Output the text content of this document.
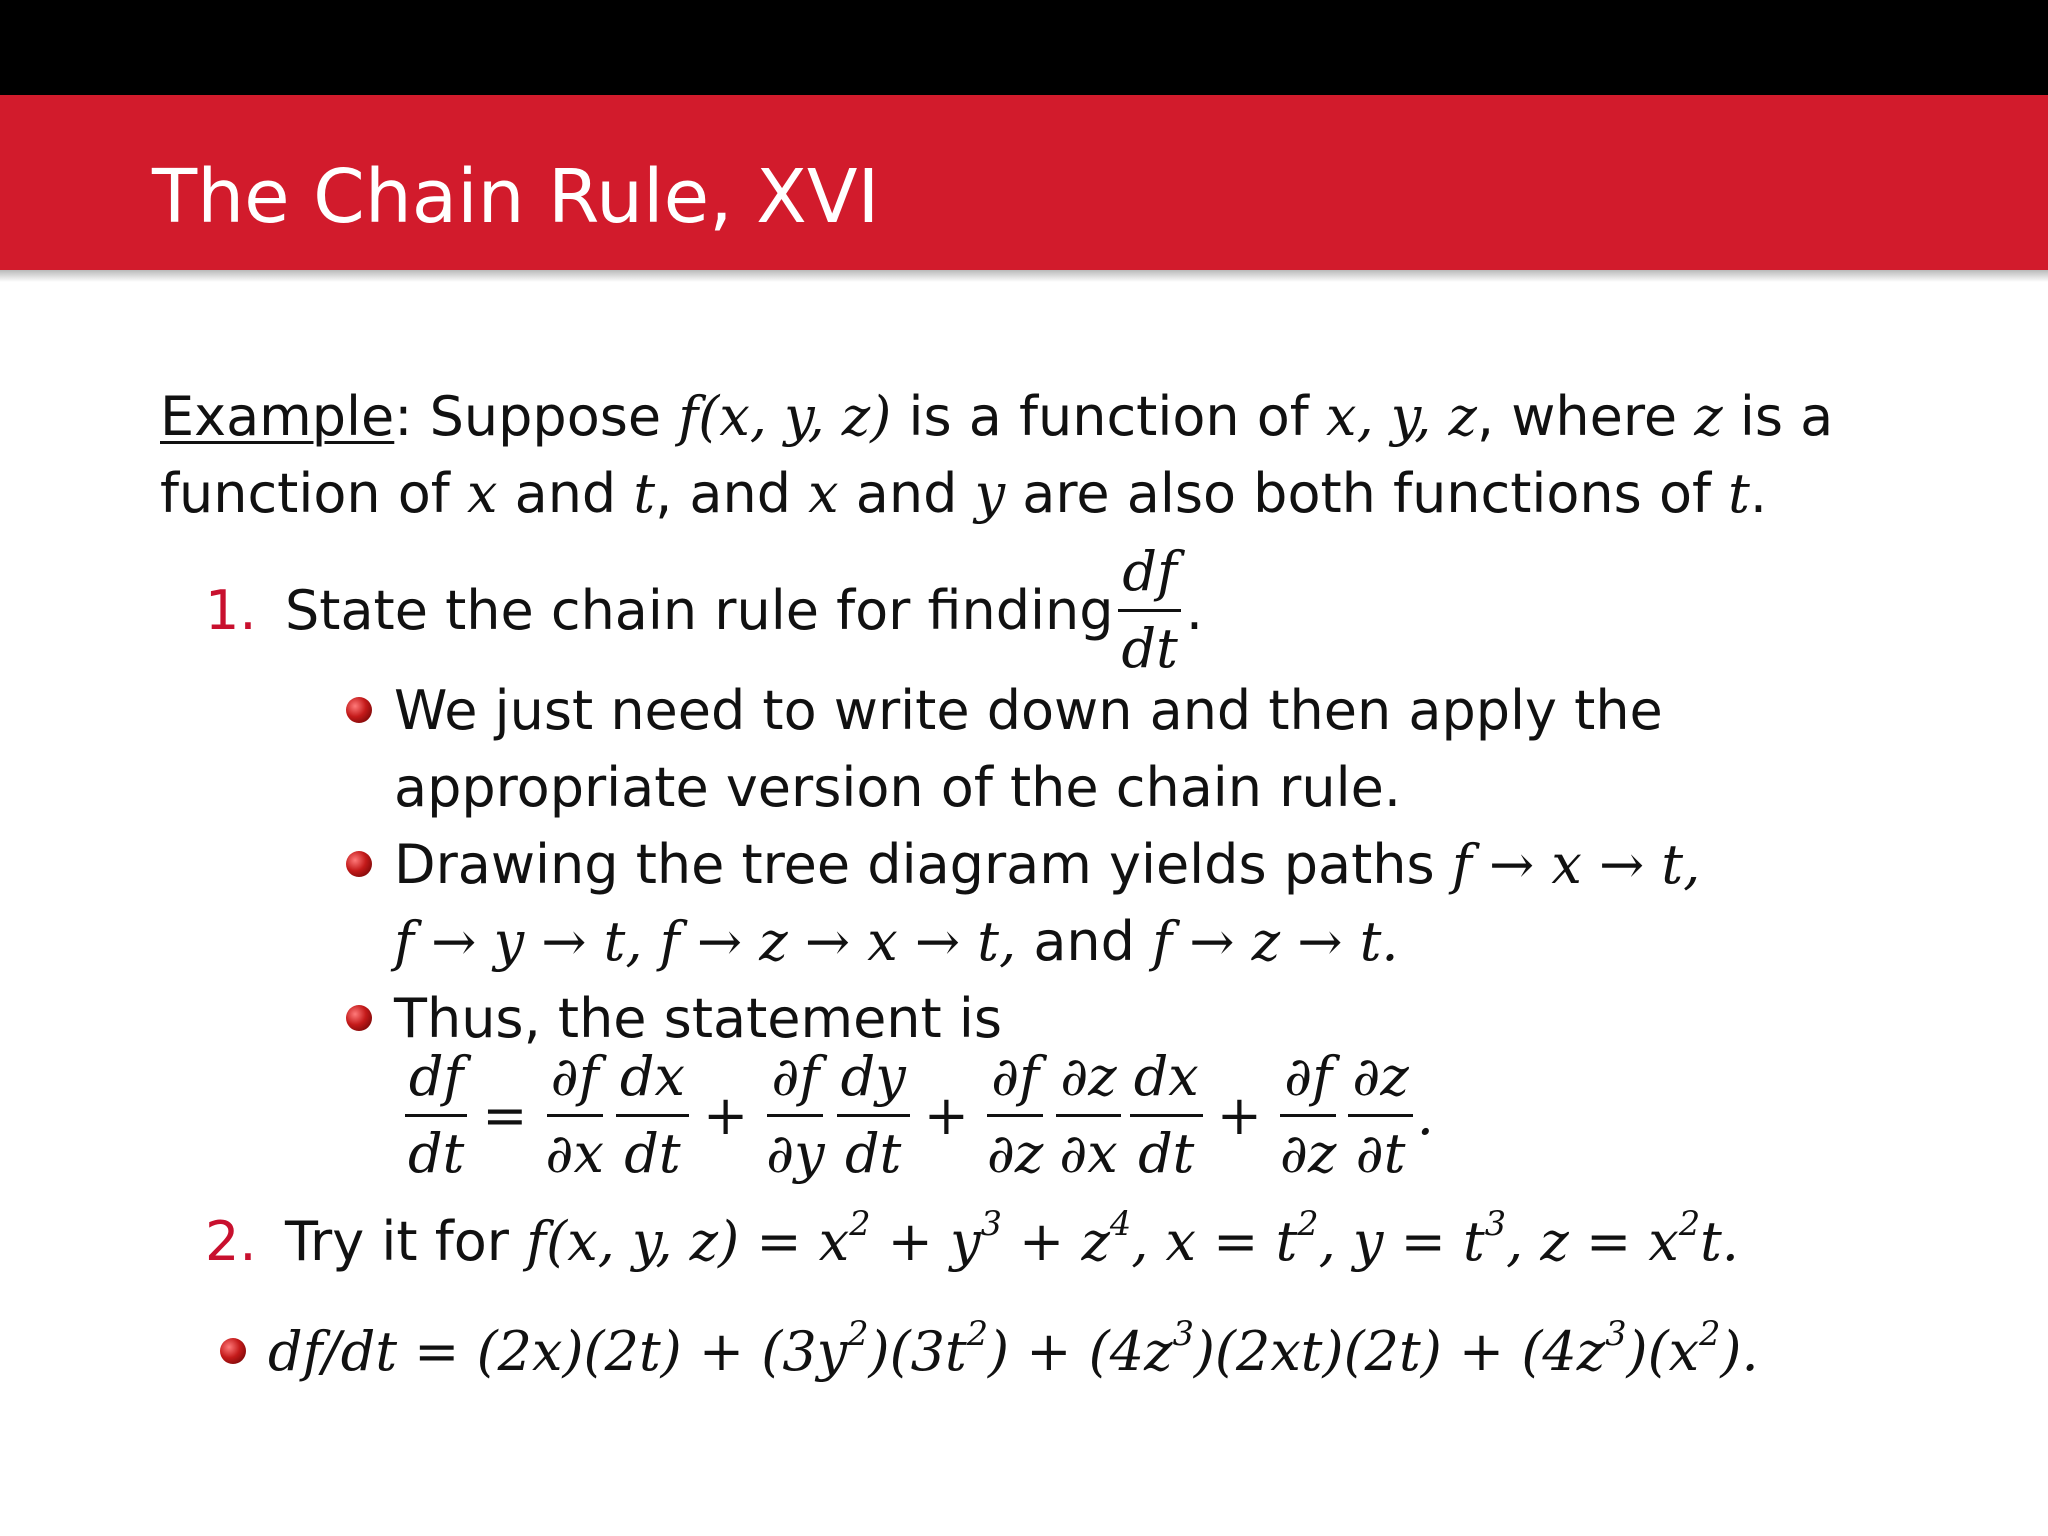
The Chain Rule, XVI
Example: Suppose f(x, y, z) is a function of x, y, z, where z is a
function of x and t, and x and y are also both functions of t.
1. State the chain rule for finding $\frac{df}{dt}$ .
We just need to write down and then apply the
appropriate version of the chain rule.
Drawing the tree diagram yields paths f → x → t,
f → y → t, f → z → x → t, and f → z → t.
Thus, the statement is
$\frac{df}{dt} = \frac{\partial f}{\partial x} \frac{dx}{dt} + \frac{\partial f}{\partial y} \frac{dy}{dt} + \frac{\partial f}{\partial z} \frac{\partial z}{\partial x} \frac{dx}{dt} + \frac{\partial f}{\partial z} \frac{\partial z}{\partial t}$ .
2. Try it for f(x, y, $z) = x^2 + y^3 + z^4$, $x = t^2$, $y = t^3$, $z = x^2t$.
$df/dt = (2x)(2t) + (3y^2)(3t^2) + (4z^3)(2xt)(2t) + (4z^3)(x^2)$.
